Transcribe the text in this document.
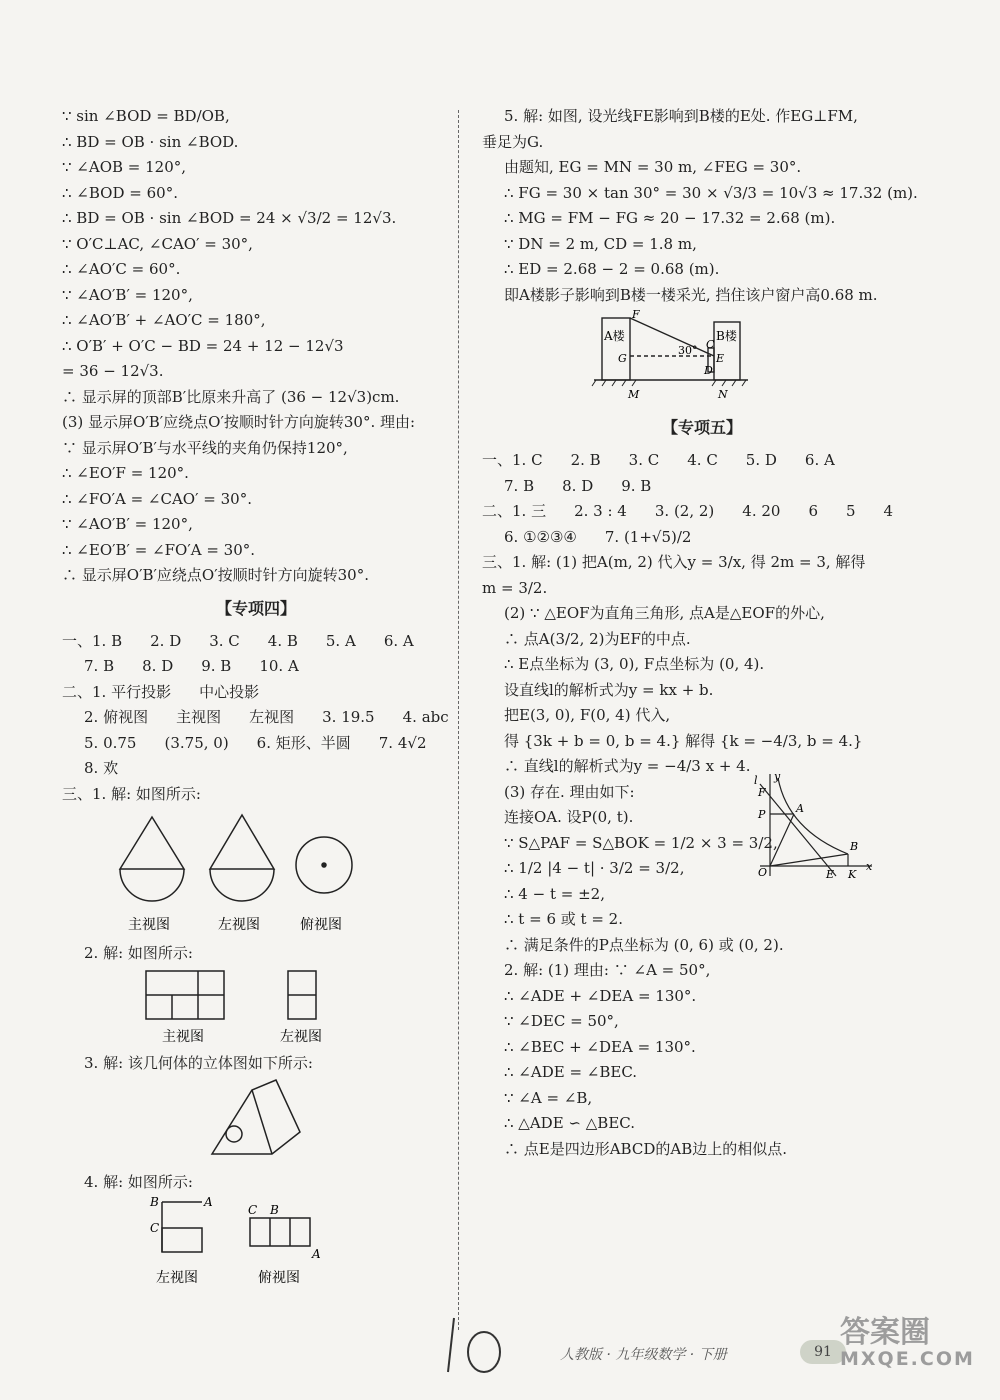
∵ sin ∠BOD = BD/OB,
∴ BD = OB · sin ∠BOD.
∵ ∠AOB = 120°,
∴ ∠BOD = 60°.
∴ BD = OB · sin ∠BOD = 24 × √3/2 = 12√3.
∵ O′C⊥AC, ∠CAO′ = 30°,
∴ ∠AO′C = 60°.
∵ ∠AO′B′ = 120°,
∴ ∠AO′B′ + ∠AO′C = 180°,
∴ O′B′ + O′C − BD = 24 + 12 − 12√3
= 36 − 12√3.
∴ 显示屏的顶部B′比原来升高了 (36 − 12√3)cm.
(3) 显示屏O′B′应绕点O′按顺时针方向旋转30°. 理由:
∵ 显示屏O′B′与水平线的夹角仍保持120°,
∴ ∠EO′F = 120°.
∴ ∠FO′A = ∠CAO′ = 30°.
∵ ∠AO′B′ = 120°,
∴ ∠EO′B′ = ∠FO′A = 30°.
∴ 显示屏O′B′应绕点O′按顺时针方向旋转30°.
【专项四】
一、1. B 2. D 3. C 4. B 5. A 6. A
7. B 8. D 9. B 10. A
二、1. 平行投影 中心投影
2. 俯视图 主视图 左视图 3. 19.5 4. abc
5. 0.75 (3.75, 0) 6. 矩形、半圆 7. 4√2
8. 欢
三、1. 解: 如图所示:
主视图	左视图	俯视图
2. 解: 如图所示:
主视图	左视图
3. 解: 该几何体的立体图如下所示:
4. 解: 如图所示:
B	A
C
C B
A
左视图	俯视图
5. 解: 如图, 设光线FE影响到B楼的E处. 作EG⊥FM,
垂足为G.
由题知, EG = MN = 30 m, ∠FEG = 30°.
∴ FG = 30 × tan 30° = 30 × √3/3 = 10√3 ≈ 17.32 (m).
∴ MG = FM − FG ≈ 20 − 17.32 = 2.68 (m).
∵ DN = 2 m, CD = 1.8 m,
∴ ED = 2.68 − 2 = 0.68 (m).
即A楼影子影响到B楼一楼采光, 挡住该户窗户高0.68 m.
A楼	B楼
F
G
30° C
E
D
M	N
【专项五】
一、1. C 2. B 3. C 4. C 5. D 6. A
7. B 8. D 9. B
二、1. 三 2. 3 : 4 3. (2, 2) 4. 20 6 5 4
6. ①②③④ 7. (1+√5)/2
三、1. 解: (1) 把A(m, 2) 代入y = 3/x, 得 2m = 3, 解得
m = 3/2.
(2) ∵ △EOF为直角三角形, 点A是△EOF的外心,
∴ 点A(3/2, 2)为EF的中点.
∴ E点坐标为 (3, 0), F点坐标为 (0, 4).
设直线l的解析式为y = kx + b.
把E(3, 0), F(0, 4) 代入,
得 {3k + b = 0, b = 4.} 解得 {k = −4/3, b = 4.}
∴ 直线l的解析式为y = −4/3 x + 4.
(3) 存在. 理由如下:
连接OA. 设P(0, t).
∵ S△PAF = S△BOK = 1/2 × 3 = 3/2,
∴ 1/2 |4 − t| · 3/2 = 3/2,
∴ 4 − t = ±2,
∴ t = 6 或 t = 2.
y
l
F
P	A
B
O	E K
x
∴ 满足条件的P点坐标为 (0, 6) 或 (0, 2).
2. 解: (1) 理由: ∵ ∠A = 50°,
∴ ∠ADE + ∠DEA = 130°.
∵ ∠DEC = 50°,
∴ ∠BEC + ∠DEA = 130°.
∴ ∠ADE = ∠BEC.
∵ ∠A = ∠B,
∴ △ADE ∽ △BEC.
∴ 点E是四边形ABCD的AB边上的相似点.
人教版 · 九年级数学 · 下册	91
答案圈
MXQE.COM
